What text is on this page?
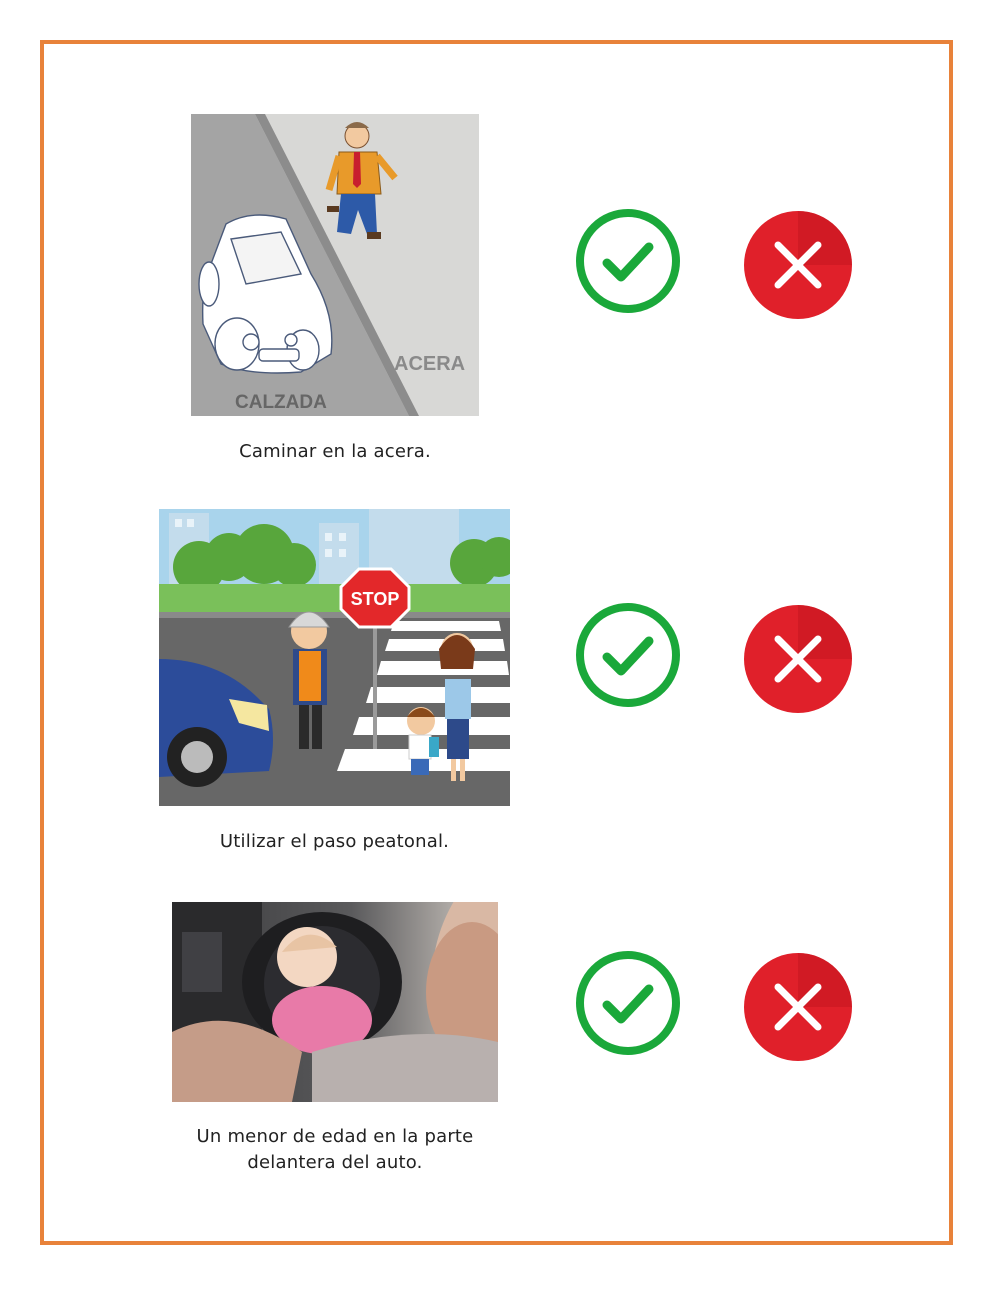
CALZADA
ACERA
Caminar en la acera.
STOP
Utilizar el paso peatonal.
Un menor de edad en la parte
delantera del auto.
